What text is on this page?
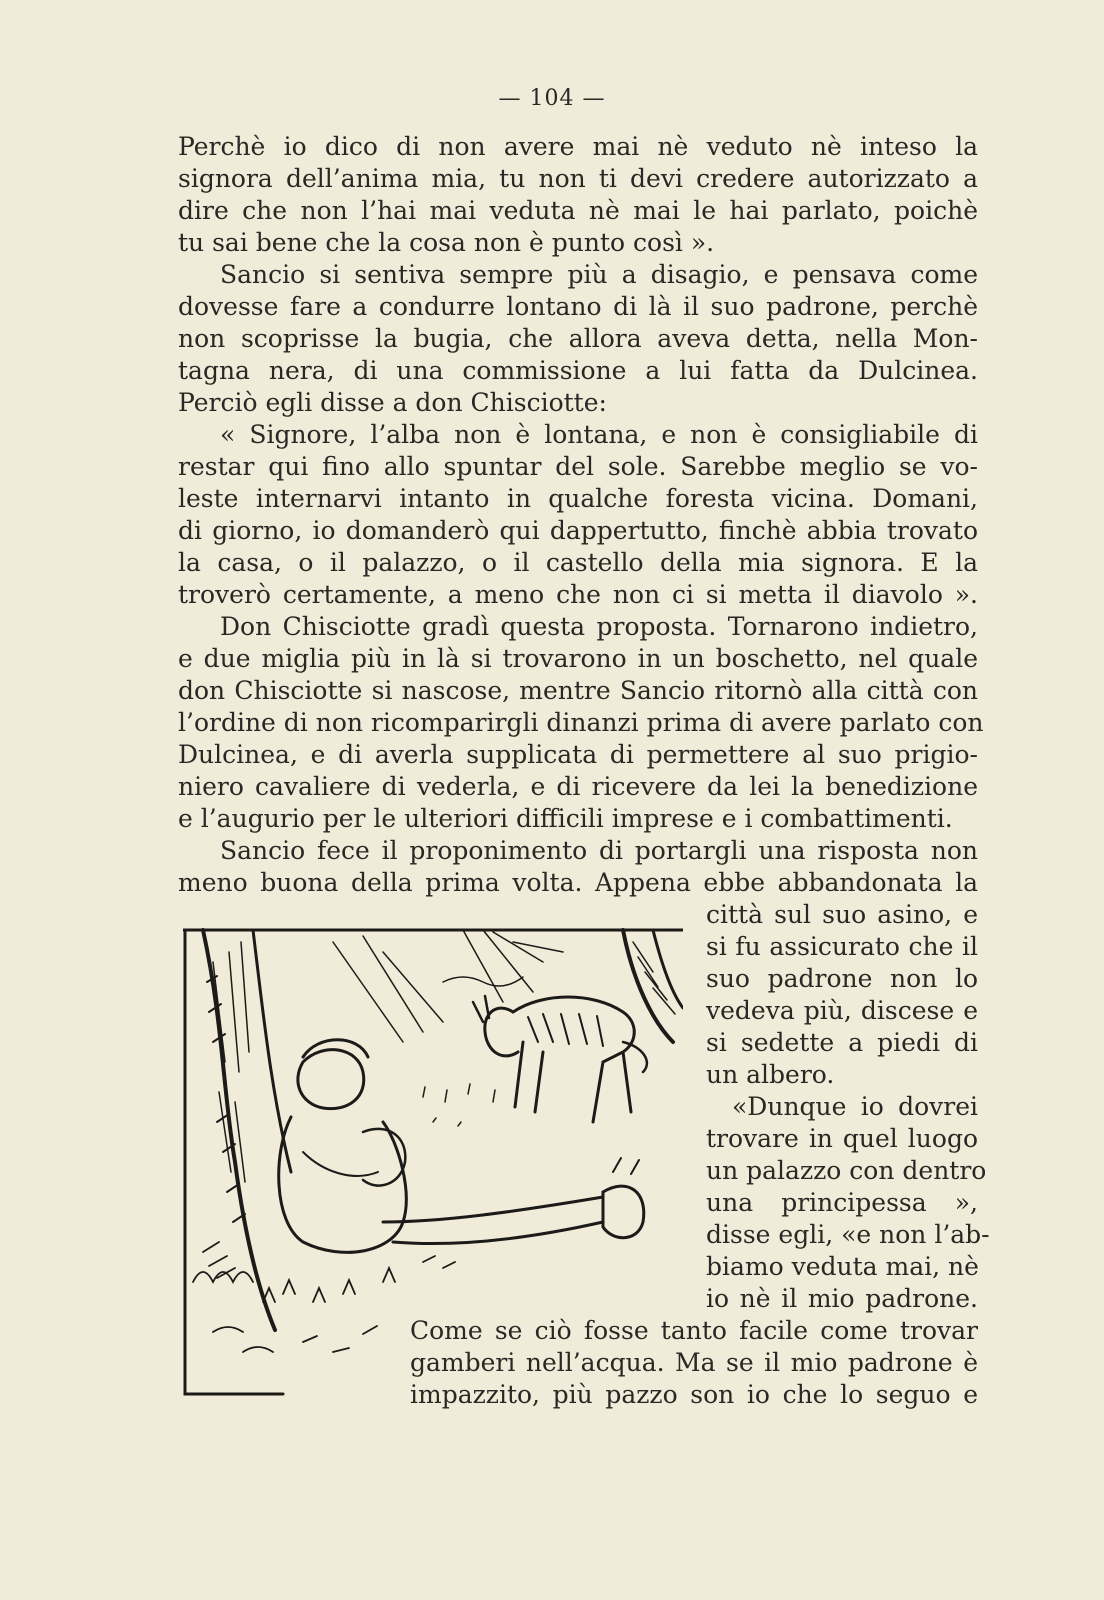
— 104 —
Perchè io dico di non avere mai nè veduto nè inteso la
signora dell’anima mia, tu non ti devi credere autorizzato a
dire che non l’hai mai veduta nè mai le hai parlato, poichè
tu sai bene che la cosa non è punto così ».
Sancio si sentiva sempre più a disagio, e pensava come
dovesse fare a condurre lontano di là il suo padrone, perchè
non scoprisse la bugia, che allora aveva detta, nella Mon-
tagna nera, di una commissione a lui fatta da Dulcinea.
Perciò egli disse a don Chisciotte:
« Signore, l’alba non è lontana, e non è consigliabile di
restar qui fino allo spuntar del sole. Sarebbe meglio se vo-
leste internarvi intanto in qualche foresta vicina. Domani,
di giorno, io domanderò qui dappertutto, finchè abbia trovato
la casa, o il palazzo, o il castello della mia signora. E la
troverò certamente, a meno che non ci si metta il diavolo ».
Don Chisciotte gradì questa proposta. Tornarono indietro,
e due miglia più in là si trovarono in un boschetto, nel quale
don Chisciotte si nascose, mentre Sancio ritornò alla città con
l’ordine di non ricomparirgli dinanzi prima di avere parlato con
Dulcinea, e di averla supplicata di permettere al suo prigio-
niero cavaliere di vederla, e di ricevere da lei la benedizione
e l’augurio per le ulteriori difficili imprese e i combattimenti.
Sancio fece il proponimento di portargli una risposta non
meno buona della prima volta. Appena ebbe abbandonata la
città sul suo asino, e
si fu assicurato che il
suo padrone non lo
vedeva più, discese e
si sedette a piedi di
un albero.
«Dunque io dovrei
trovare in quel luogo
un palazzo con dentro
una principessa »,
disse egli, «e non l’ab-
biamo veduta mai, nè
io nè il mio padrone.
Come se ciò fosse tanto facile come trovar
gamberi nell’acqua. Ma se il mio padrone è
impazzito, più pazzo son io che lo seguo e
